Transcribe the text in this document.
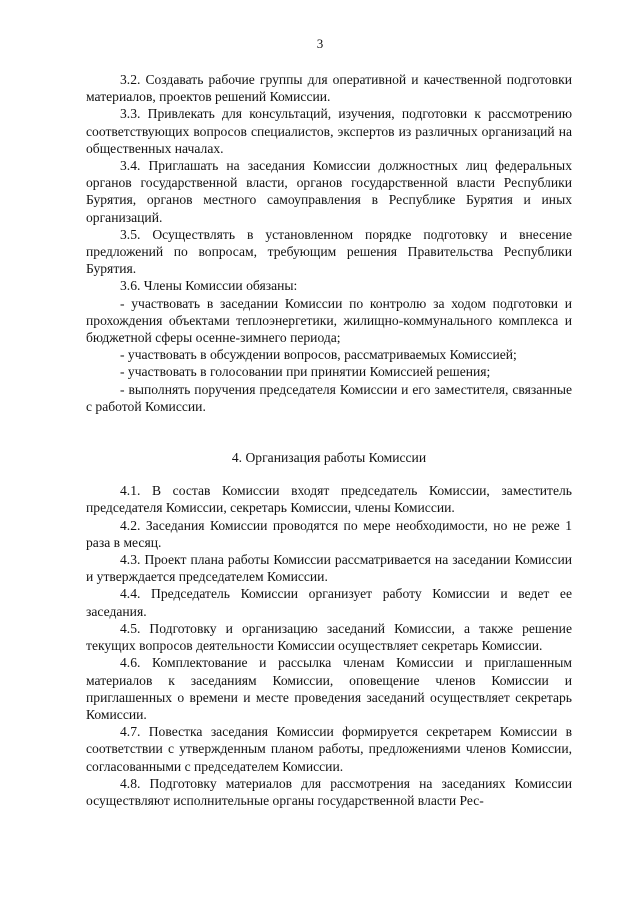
3

3.2. Создавать рабочие группы для оперативной и качественной подготовки материалов, проектов решений Комиссии.

3.3. Привлекать для консультаций, изучения, подготовки к рассмотрению соответствующих вопросов специалистов, экспертов из различных организаций на общественных началах.

3.4. Приглашать на заседания Комиссии должностных лиц федеральных органов государственной власти, органов государственной власти Республики Бурятия, органов местного самоуправления в Республике Бурятия и иных организаций.

3.5. Осуществлять в установленном порядке подготовку и внесение предложений по вопросам, требующим решения Правительства Республики Бурятия.

3.6. Члены Комиссии обязаны:

- участвовать в заседании Комиссии по контролю за ходом подготовки и прохождения объектами теплоэнергетики, жилищно-коммунального комплекса и бюджетной сферы осенне-зимнего периода;

- участвовать в обсуждении вопросов, рассматриваемых Комиссией;

- участвовать в голосовании при принятии Комиссией решения;

- выполнять поручения председателя Комиссии и его заместителя, связанные с работой Комиссии.

4. Организация работы Комиссии

4.1. В состав Комиссии входят председатель Комиссии, заместитель председателя Комиссии, секретарь Комиссии, члены Комиссии.

4.2. Заседания Комиссии проводятся по мере необходимости, но не реже 1 раза в месяц.

4.3. Проект плана работы Комиссии рассматривается на заседании Комиссии и утверждается председателем Комиссии.

4.4. Председатель Комиссии организует работу Комиссии и ведет ее заседания.

4.5. Подготовку и организацию заседаний Комиссии, а также решение текущих вопросов деятельности Комиссии осуществляет секретарь Комиссии.

4.6. Комплектование и рассылка членам Комиссии и приглашенным материалов к заседаниям Комиссии, оповещение членов Комиссии и приглашенных о времени и месте проведения заседаний осуществляет секретарь Комиссии.

4.7. Повестка заседания Комиссии формируется секретарем Комиссии в соответствии с утвержденным планом работы, предложениями членов Комиссии, согласованными с председателем Комиссии.

4.8. Подготовку материалов для рассмотрения на заседаниях Комиссии осуществляют исполнительные органы государственной власти Рес-
